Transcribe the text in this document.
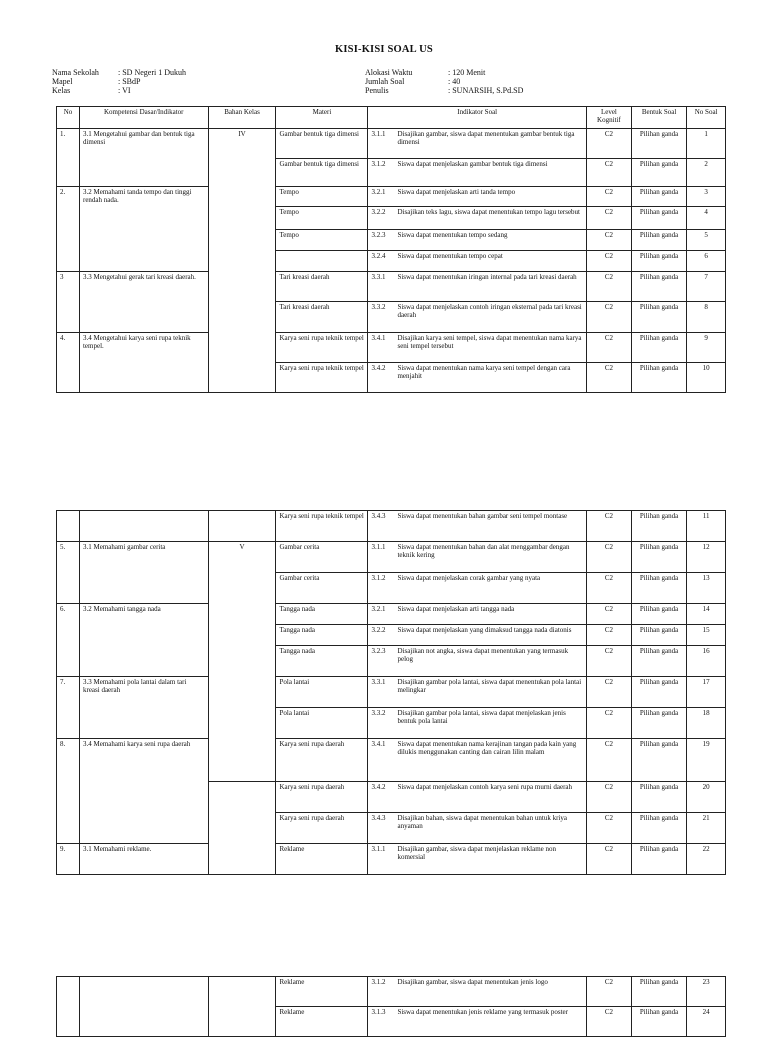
KISI-KISI SOAL US
Nama Sekolah	: SD Negeri 1 Dukuh
Mapel	: SBdP
Kelas	: VI
Alokasi Waktu	: 120 Menit
Jumlah Soal	: 40
Penulis	: SUNARSIH, S.Pd.SD
No	Kompetensi Dasar/Indikator	Bahan Kelas	Materi	Indikator Soal	Level Kognitif	Bentuk Soal	No Soal
1.	3.1 Mengetahui gambar dan bentuk tiga dimensi	IV	Gambar bentuk tiga dimensi	3.1.1 Disajikan gambar, siswa dapat menentukan gambar bentuk tiga dimensi	C2	Pilihan ganda	1
			Gambar bentuk tiga dimensi	3.1.2 Siswa dapat menjelaskan gambar bentuk tiga dimensi	C2	Pilihan ganda	2
2.	3.2 Memahami tanda tempo dan tinggi rendah nada.		Tempo	3.2.1 Siswa dapat menjelaskan arti tanda tempo	C2	Pilihan ganda	3
			Tempo	3.2.2 Disajikan teks lagu, siswa dapat menentukan tempo lagu tersebut	C2	Pilihan ganda	4
			Tempo	3.2.3 Siswa dapat menentukan tempo sedang	C2	Pilihan ganda	5

				3.2.4 Siswa dapat menentukan tempo cepat	C2	Pilihan ganda	6
3	3.3 Mengetahui gerak tari kreasi daerah.		Tari kreasi daerah	3.3.1 Siswa dapat menentukan iringan internal pada tari kreasi daerah	C2	Pilihan ganda	7
			Tari kreasi daerah	3.3.2 Siswa dapat menjelaskan contoh iringan eksternal pada tari kreasi daerah	C2	Pilihan ganda	8
4.	3.4 Mengetahui karya seni rupa teknik tempel.		Karya seni rupa teknik tempel	3.4.1 Disajikan karya seni tempel, siswa dapat menentukan nama karya seni tempel tersebut	C2	Pilihan ganda	9
			Karya seni rupa teknik tempel	3.4.2 Siswa dapat menentukan nama karya seni tempel dengan cara menjahit	C2	Pilihan ganda	10
			Karya seni rupa teknik tempel	3.4.3 Siswa dapat menentukan bahan gambar seni tempel montase	C2	Pilihan ganda	11
5.	3.1 Memahami gambar cerita	V	Gambar cerita	3.1.1 Siswa dapat menentukan bahan dan alat menggambar dengan teknik kering	C2	Pilihan ganda	12
			Gambar cerita	3.1.2 Siswa dapat menjelaskan corak gambar yang nyata	C2	Pilihan ganda	13
6.	3.2 Memahami tangga nada		Tangga nada	3.2.1 Siswa dapat menjelaskan arti tangga nada	C2	Pilihan ganda	14
			Tangga nada	3.2.2 Siswa dapat menjelaskan yang dimaksud tangga nada diatonis	C2	Pilihan ganda	15
			Tangga nada	3.2.3 Disajikan not angka, siswa dapat menentukan yang termasuk pelog	C2	Pilihan ganda	16
7.	3.3 Memahami pola lantai dalam tari kreasi daerah		Pola lantai	3.3.1 Disajikan gambar pola lantai, siswa dapat menentukan pola lantai melingkar	C2	Pilihan ganda	17
			Pola lantai	3.3.2 Disajikan gambar pola lantai, siswa dapat menjelaskan jenis bentuk pola lantai	C2	Pilihan ganda	18
8.	3.4 Memahami karya seni rupa daerah		Karya seni rupa daerah	3.4.1 Siswa dapat menentukan nama kerajinan tangan pada kain yang dilukis menggunakan canting dan cairan lilin malam	C2	Pilihan ganda	19
			Karya seni rupa daerah	3.4.2 Siswa dapat menjelaskan contoh karya seni rupa murni daerah	C2	Pilihan ganda	20
			Karya seni rupa daerah	3.4.3 Disajikan bahan, siswa dapat menentukan bahan untuk kriya anyaman	C2	Pilihan ganda	21
9.	3.1 Memahami reklame.		Reklame	3.1.1 Disajikan gambar, siswa dapat menjelaskan reklame non komersial	C2	Pilihan ganda	22
			Reklame	3.1.2 Disajikan gambar, siswa dapat menentukan jenis logo	C2	Pilihan ganda	23
			Reklame	3.1.3 Siswa dapat menentukan jenis reklame yang termasuk poster	C2	Pilihan ganda	24
